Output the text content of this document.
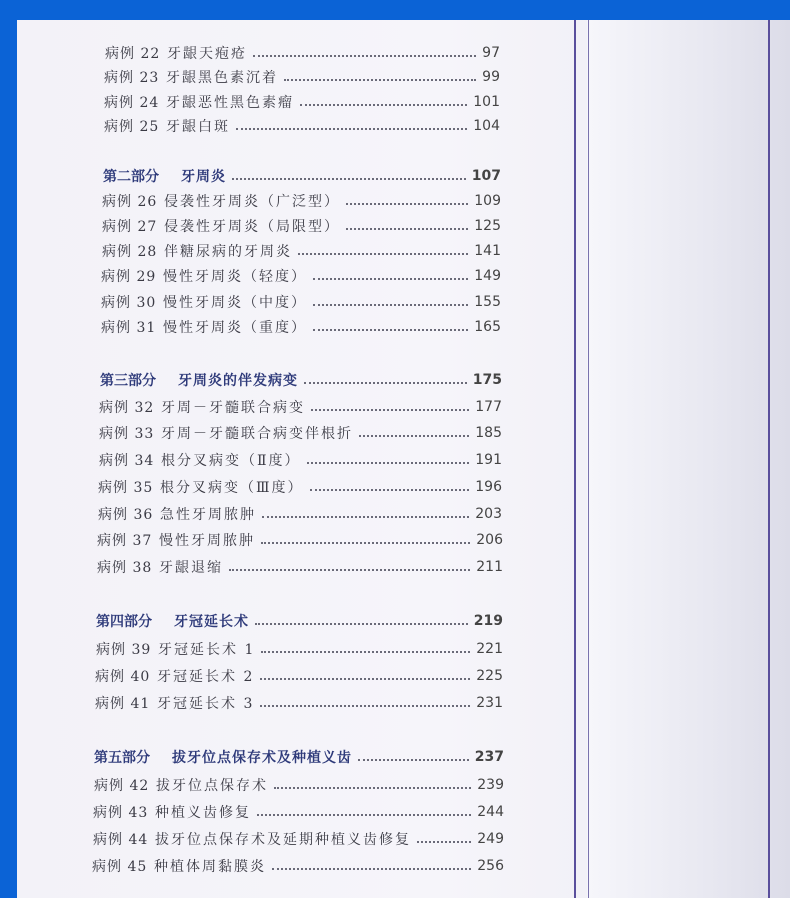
病例 22 牙龈天疱疮	97
病例 23 牙龈黑色素沉着	99
病例 24 牙龈恶性黑色素瘤	101
病例 25 牙龈白斑	104
第二部分	牙周炎	107
病例 26 侵袭性牙周炎（广泛型）	109
病例 27 侵袭性牙周炎（局限型）	125
病例 28 伴糖尿病的牙周炎	141
病例 29 慢性牙周炎（轻度）	149
病例 30 慢性牙周炎（中度）	155
病例 31 慢性牙周炎（重度）	165
第三部分	牙周炎的伴发病变	175
病例 32 牙周－牙髓联合病变	177
病例 33 牙周－牙髓联合病变伴根折	185
病例 34 根分叉病变（Ⅱ度）	191
病例 35 根分叉病变（Ⅲ度）	196
病例 36 急性牙周脓肿	203
病例 37 慢性牙周脓肿	206
病例 38 牙龈退缩	211
第四部分	牙冠延长术	219
病例 39 牙冠延长术 1	221
病例 40 牙冠延长术 2	225
病例 41 牙冠延长术 3	231
第五部分	拔牙位点保存术及种植义齿	237
病例 42 拔牙位点保存术	239
病例 43 种植义齿修复	244
病例 44 拔牙位点保存术及延期种植义齿修复	249
病例 45 种植体周黏膜炎	256
